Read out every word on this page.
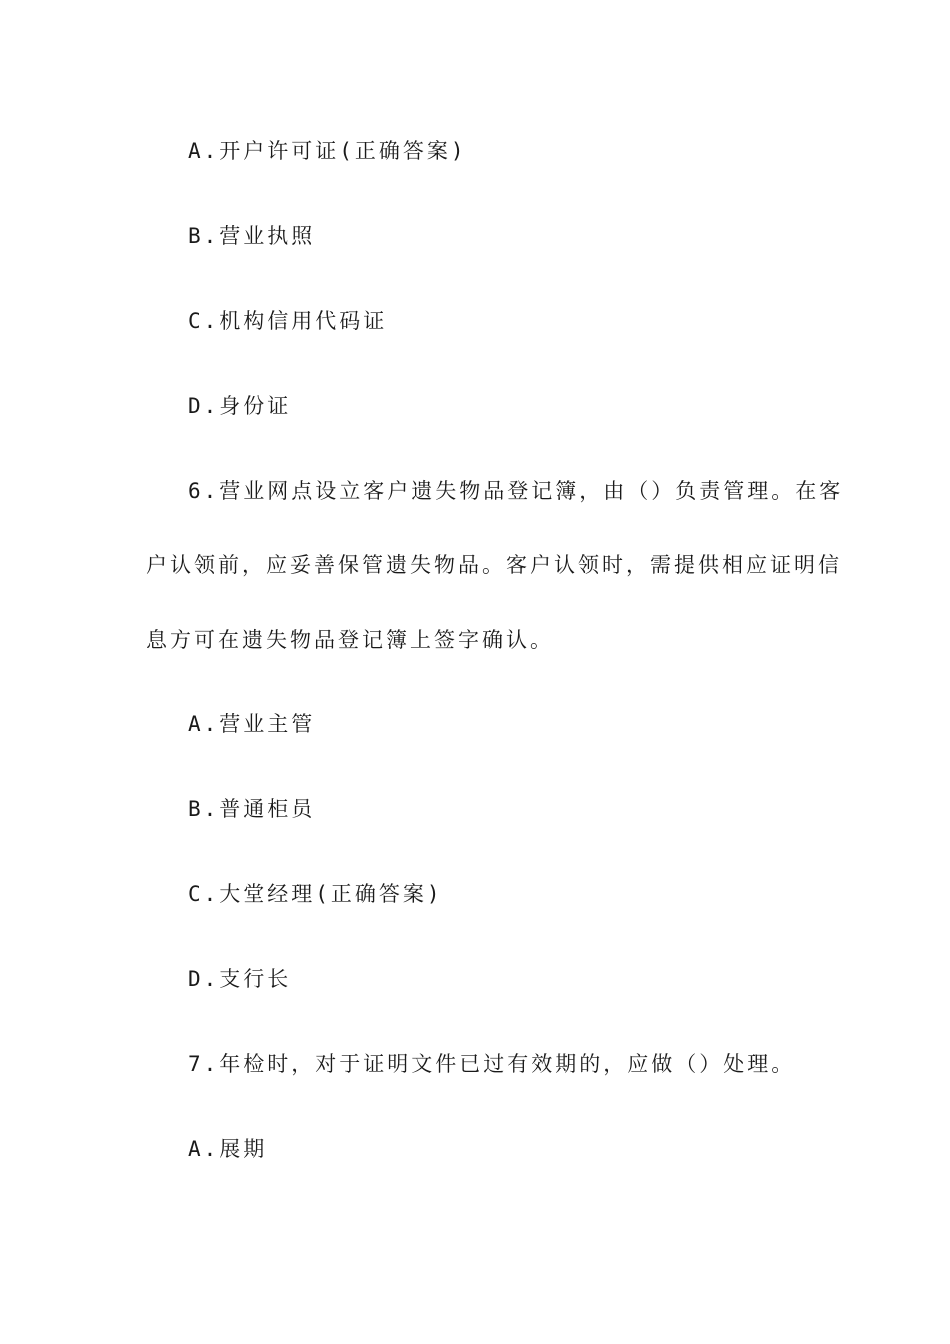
A.开户许可证(正确答案)
B.营业执照
C.机构信用代码证
D.身份证
6.营业网点设立客户遗失物品登记簿，由（）负责管理。在客
户认领前，应妥善保管遗失物品。客户认领时，需提供相应证明信
息方可在遗失物品登记簿上签字确认。
A.营业主管
B.普通柜员
C.大堂经理(正确答案)
D.支行长
7.年检时，对于证明文件已过有效期的，应做（）处理。
A.展期
